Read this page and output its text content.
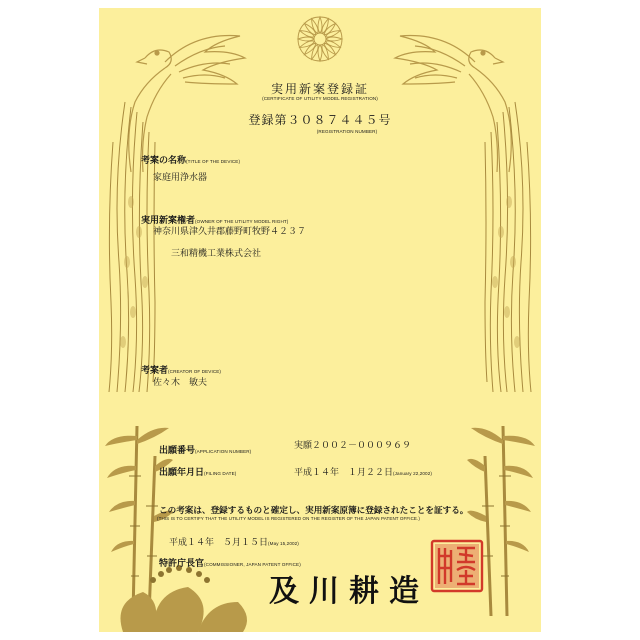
実用新案登録証
(CERTIFICATE OF UTILITY MODEL REGISTRATION)
登録第３０８７４４５号
(REGISTRATION NUMBER)
考案の名称(TITLE OF THE DEVICE)
家庭用浄水器
実用新案権者(OWNER OF THE UTILITY MODEL RIGHT)
神奈川県津久井郡藤野町牧野４２３７
三和精機工業株式会社
考案者(CREATOR OF DEVICE)
佐々木　敏夫
出願番号(APPLICATION NUMBER)
実願２００２－０００９６９
出願年月日(FILING DATE)	平成１４年　１月２２日(January 22,2002)
この考案は、登録するものと確定し、実用新案原簿に登録されたことを証する。
(THIS IS TO CERTIFY THAT THE UTILITY MODEL IS REGISTERED ON THE REGISTER OF THE JAPAN PATENT OFFICE.)
平成１４年　５月１５日(May 15,2002)
特許庁長官(COMMISSIONER, JAPAN PATENT OFFICE)
及川耕造
